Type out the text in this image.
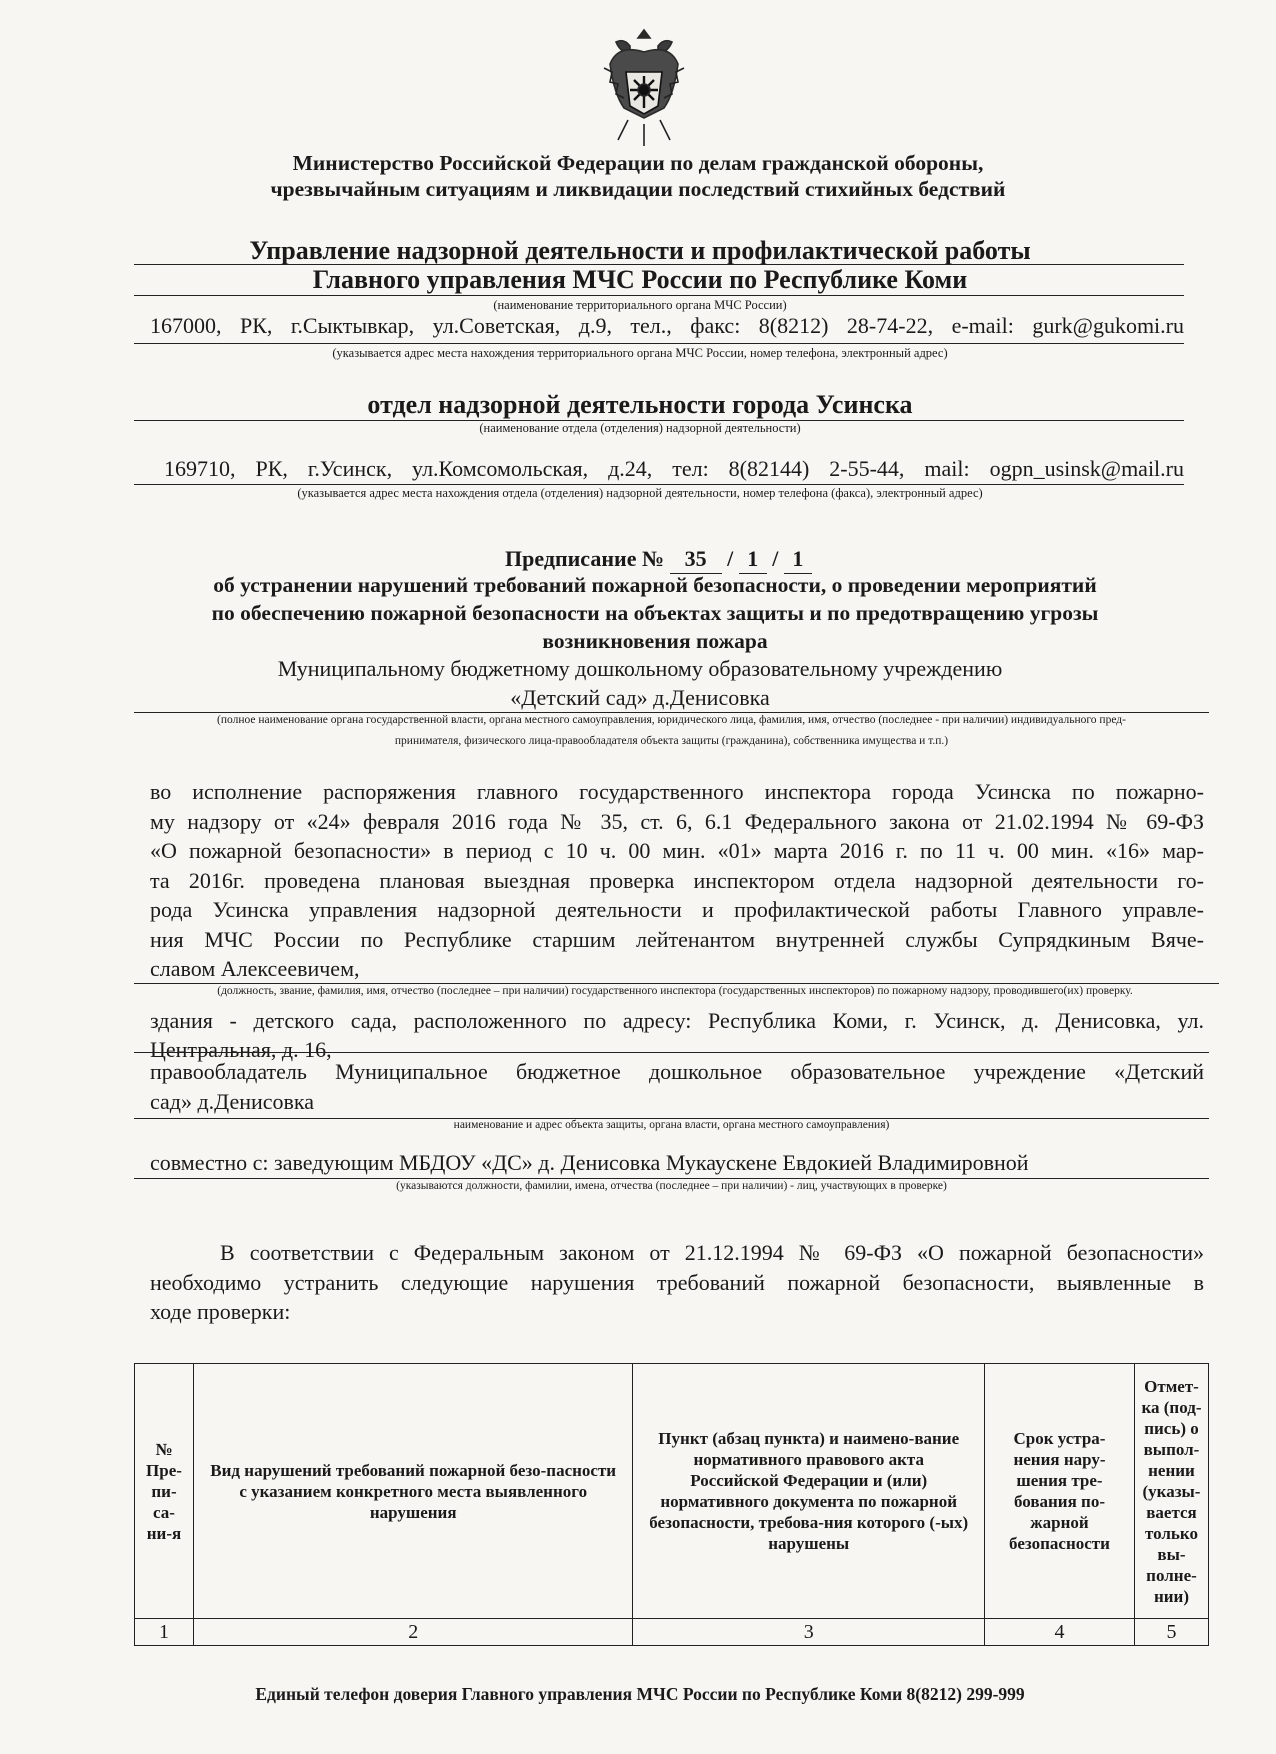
Министерство Российской Федерации по делам гражданской обороны,
чрезвычайным ситуациям и ликвидации последствий стихийных бедствий
Управление надзорной деятельности и профилактической работы
Главного управления МЧС России по Республике Коми
(наименование территориального органа МЧС России)
167000, РК, г.Сыктывкар, ул.Советская, д.9, тел., факс: 8(8212) 28-74-22, e-mail: gurk@gukomi.ru
(указывается адрес места нахождения территориального органа МЧС России, номер телефона, электронный адрес)
отдел надзорной деятельности города Усинска
(наименование отдела (отделения) надзорной деятельности)
169710, РК, г.Усинск, ул.Комсомольская, д.24, тел: 8(82144) 2-55-44, mail: ogpn_usinsk@mail.ru
(указывается адрес места нахождения отдела (отделения) надзорной деятельности, номер телефона (факса), электронный адрес)
Предписание № 35 / 1 / 1
об устранении нарушений требований пожарной безопасности, о проведении мероприятий
по обеспечению пожарной безопасности на объектах защиты и по предотвращению угрозы
возникновения пожара
Муниципальному бюджетному дошкольному образовательному учреждению
«Детский сад» д.Денисовка
(полное наименование органа государственной власти, органа местного самоуправления, юридического лица, фамилия, имя, отчество (последнее - при наличии) индивидуального пред-
принимателя, физического лица-правообладателя объекта защиты (гражданина), собственника имущества и т.п.)
во исполнение распоряжения главного государственного инспектора города Усинска по пожарно-
му надзору от «24» февраля 2016 года № 35, ст. 6, 6.1 Федерального закона от 21.02.1994 № 69-ФЗ
«О пожарной безопасности» в период с 10 ч. 00 мин. «01» марта 2016 г. по 11 ч. 00 мин. «16» мар-
та 2016г. проведена плановая выездная проверка инспектором отдела надзорной деятельности го-
рода Усинска управления надзорной деятельности и профилактической работы Главного управле-
ния МЧС России по Республике старшим лейтенантом внутренней службы Супрядкиным Вяче-
славом Алексеевичем,
(должность, звание, фамилия, имя, отчество (последнее – при наличии) государственного инспектора (государственных инспекторов) по пожарному надзору, проводившего(их) проверку.
здания - детского сада, расположенного по адресу: Республика Коми, г. Усинск, д. Денисовка, ул.
Центральная, д. 16,
правообладатель Муниципальное бюджетное дошкольное образовательное учреждение «Детский
сад» д.Денисовка
наименование и адрес объекта защиты, органа власти, органа местного самоуправления)
совместно с: заведующим МБДОУ «ДС» д. Денисовка Мукаускене Евдокией Владимировной
(указываются должности, фамилии, имена, отчества (последнее – при наличии) - лиц, участвующих в проверке)
В соответствии с Федеральным законом от 21.12.1994 № 69-ФЗ «О пожарной безопасности»
необходимо устранить следующие нарушения требований пожарной безопасности, выявленные в
ходе проверки:
№ Пре-пи-са-ни-я	Вид нарушений требований пожарной безо-пасности с указанием конкретного места выявленного нарушения	Пункт (абзац пункта) и наимено-вание нормативного правового акта Российской Федерации и (или) нормативного документа по пожарной безопасности, требова-ния которого (-ых) нарушены	Срок устра-нения нару-шения тре-бования по-жарной безопасности	Отмет-ка (под-пись) о выпол-нении (указы-вается только вы-полне-нии)
1	2	3	4	5
Единый телефон доверия Главного управления МЧС России по Республике Коми 8(8212) 299-999
